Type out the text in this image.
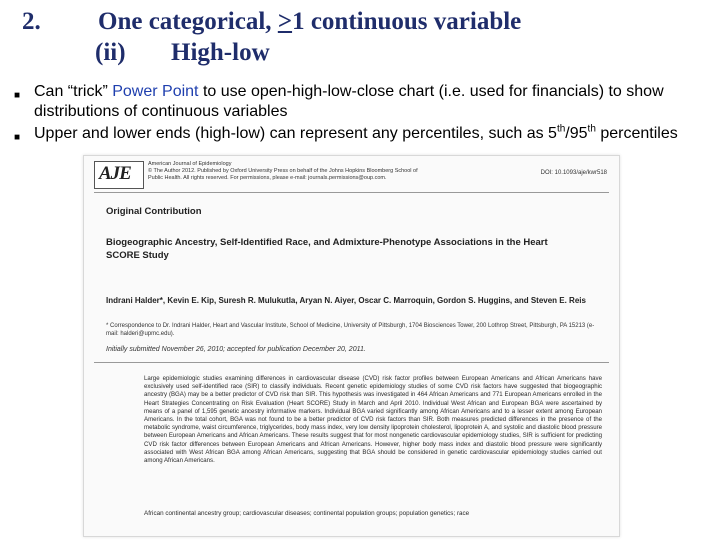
2. One categorical, >1 continuous variable
(ii) High-low
■ Can “trick” Power Point to use open-high-low-close chart (i.e. used for financials) to show distributions of continuous variables
■ Upper and lower ends (high-low) can represent any percentiles, such as 5th/95th percentiles
AJE	American Journal of Epidemiology
© The Author 2012. Published by Oxford University Press on behalf of the Johns Hopkins Bloomberg School of
Public Health. All rights reserved. For permissions, please e-mail: journals.permissions@oup.com.
DOI: 10.1093/aje/kwr518
Original Contribution
Biogeographic Ancestry, Self-Identified Race, and Admixture-Phenotype Associations in the Heart SCORE Study
Indrani Halder*, Kevin E. Kip, Suresh R. Mulukutla, Aryan N. Aiyer, Oscar C. Marroquin, Gordon S. Huggins, and Steven E. Reis
* Correspondence to Dr. Indrani Halder, Heart and Vascular Institute, School of Medicine, University of Pittsburgh, 1704 Biosciences Tower, 200 Lothrop Street, Pittsburgh, PA 15213 (e-mail: halderi@upmc.edu).
Initially submitted November 26, 2010; accepted for publication December 20, 2011.
Large epidemiologic studies examining differences in cardiovascular disease (CVD) risk factor profiles between European Americans and African Americans have exclusively used self-identified race (SIR) to classify individuals. Recent genetic epidemiology studies of some CVD risk factors have suggested that biogeographic ancestry (BGA) may be a better predictor of CVD risk than SIR. This hypothesis was investigated in 464 African Americans and 771 European Americans enrolled in the Heart Strategies Concentrating on Risk Evaluation (Heart SCORE) Study in March and April 2010. Individual West African and European BGA were ascertained by means of a panel of 1,595 genetic ancestry informative markers. Individual BGA varied significantly among African Americans and to a lesser extent among European Americans. In the total cohort, BGA was not found to be a better predictor of CVD risk factors than SIR. Both measures predicted differences in the presence of the metabolic syndrome, waist circumference, triglycerides, body mass index, very low density lipoprotein cholesterol, lipoprotein A, and systolic and diastolic blood pressure between European Americans and African Americans. These results suggest that for most nongenetic cardiovascular epidemiology studies, SIR is sufficient for predicting CVD risk factor differences between European Americans and African Americans. However, higher body mass index and diastolic blood pressure were significantly associated with West African BGA among African Americans, suggesting that BGA should be considered in genetic cardiovascular epidemiology studies carried out among African Americans.
African continental ancestry group; cardiovascular diseases; continental population groups; population genetics; race
